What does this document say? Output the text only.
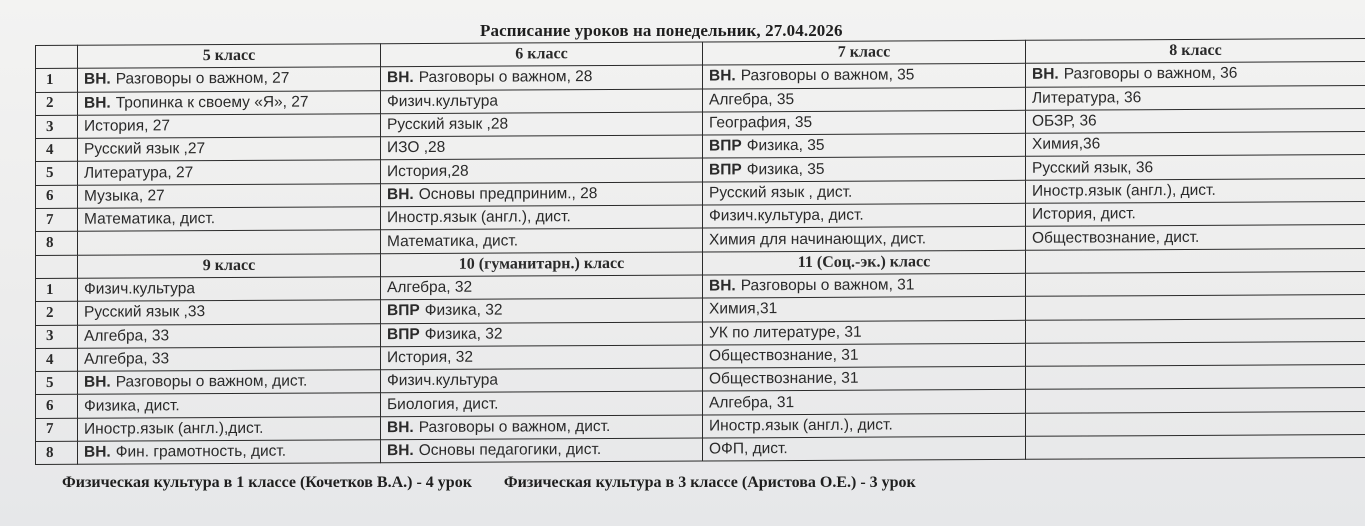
Расписание уроков на понедельник, 27.04.2026
	5 класс	6 класс	7 класс	8 класс
1	ВН. Разговоры о важном, 27	ВН. Разговоры о важном, 28	ВН. Разговоры о важном, 35	ВН. Разговоры о важном, 36
2	ВН. Тропинка к своему «Я», 27	Физич.культура	Алгебра, 35	Литература, 36
3	История, 27	Русский язык ,28	География, 35	ОБЗР, 36
4	Русский язык ,27	ИЗО ,28	ВПР Физика, 35	Химия,36
5	Литература, 27	История,28	ВПР Физика, 35	Русский язык, 36
6	Музыка, 27	ВН. Основы предприним., 28	Русский язык , дист.	Иностр.язык (англ.), дист.
7	Математика, дист.	Иностр.язык (англ.), дист.	Физич.культура, дист.	История, дист.
8		Математика, дист.	Химия для начинающих, дист.	Обществознание, дист.
	9 класс	10 (гуманитарн.) класс	11 (Соц.-эк.) класс	
1	Физич.культура	Алгебра, 32	ВН. Разговоры о важном, 31	
2	Русский язык ,33	ВПР Физика, 32	Химия,31	
3	Алгебра, 33	ВПР Физика, 32	УК по литературе, 31	
4	Алгебра, 33	История, 32	Обществознание, 31	
5	ВН. Разговоры о важном, дист.	Физич.культура	Обществознание, 31	
6	Физика, дист.	Биология, дист.	Алгебра, 31	
7	Иностр.язык (англ.),дист.	ВН. Разговоры о важном, дист.	Иностр.язык (англ.), дист.	
8	ВН. Фин. грамотность, дист.	ВН. Основы педагогики, дист.	ОФП, дист.	
Физическая культура в 1 классе (Кочетков В.А.) - 4 урок Физическая культура в 3 классе (Аристова О.Е.) - 3 урок
